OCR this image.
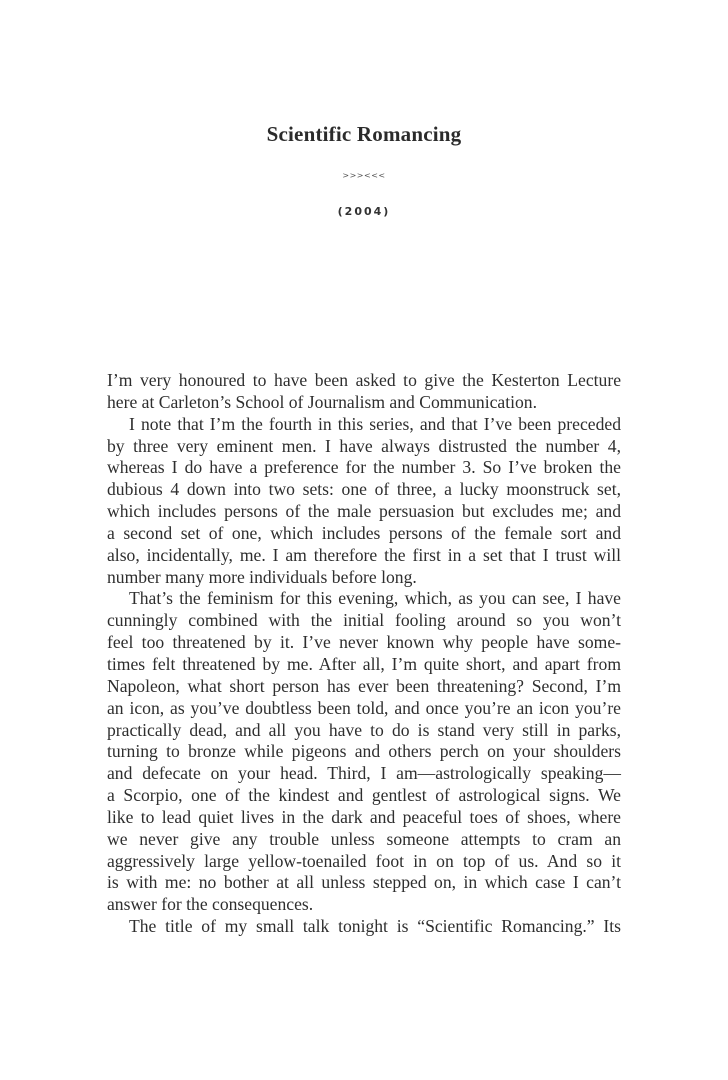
Scientific Romancing
>>><<<
(2004)
I’m very honoured to have been asked to give the Kesterton Lecture
here at Carleton’s School of Journalism and Communication.
I note that I’m the fourth in this series, and that I’ve been preceded
by three very eminent men. I have always distrusted the number 4,
whereas I do have a preference for the number 3. So I’ve broken the
dubious 4 down into two sets: one of three, a lucky moonstruck set,
which includes persons of the male persuasion but excludes me; and
a second set of one, which includes persons of the female sort and
also, incidentally, me. I am therefore the first in a set that I trust will
number many more individuals before long.
That’s the feminism for this evening, which, as you can see, I have
cunningly combined with the initial fooling around so you won’t
feel too threatened by it. I’ve never known why people have some-
times felt threatened by me. After all, I’m quite short, and apart from
Napoleon, what short person has ever been threatening? Second, I’m
an icon, as you’ve doubtless been told, and once you’re an icon you’re
practically dead, and all you have to do is stand very still in parks,
turning to bronze while pigeons and others perch on your shoulders
and defecate on your head. Third, I am—astrologically speaking—
a Scorpio, one of the kindest and gentlest of astrological signs. We
like to lead quiet lives in the dark and peaceful toes of shoes, where
we never give any trouble unless someone attempts to cram an
aggressively large yellow-toenailed foot in on top of us. And so it
is with me: no bother at all unless stepped on, in which case I can’t
answer for the consequences.
The title of my small talk tonight is “Scientific Romancing.” Its
